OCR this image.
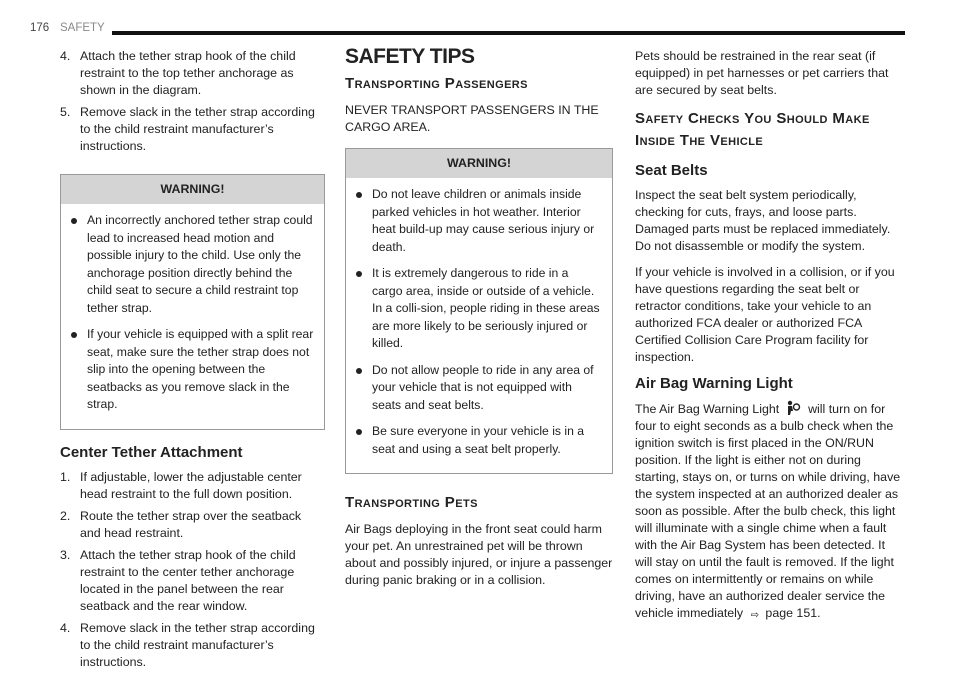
176 SAFETY
4. Attach the tether strap hook of the child restraint to the top tether anchorage as shown in the diagram.
5. Remove slack in the tether strap according to the child restraint manufacturer’s instructions.
WARNING!
An incorrectly anchored tether strap could lead to increased head motion and possible injury to the child. Use only the anchorage position directly behind the child seat to secure a child restraint top tether strap.
If your vehicle is equipped with a split rear seat, make sure the tether strap does not slip into the opening between the seatbacks as you remove slack in the strap.
Center Tether Attachment
1. If adjustable, lower the adjustable center head restraint to the full down position.
2. Route the tether strap over the seatback and head restraint.
3. Attach the tether strap hook of the child restraint to the center tether anchorage located in the panel between the rear seatback and the rear window.
4. Remove slack in the tether strap according to the child restraint manufacturer’s instructions.
SAFETY TIPS
Transporting Passengers

NEVER TRANSPORT PASSENGERS IN THE CARGO AREA.

WARNING!
Do not leave children or animals inside parked vehicles in hot weather. Interior heat build-up may cause serious injury or death.
It is extremely dangerous to ride in a cargo area, inside or outside of a vehicle. In a colli-sion, people riding in these areas are more likely to be seriously injured or killed.
Do not allow people to ride in any area of your vehicle that is not equipped with seats and seat belts.
Be sure everyone in your vehicle is in a seat and using a seat belt properly.
Transporting Pets

Air Bags deploying in the front seat could harm your pet. An unrestrained pet will be thrown about and possibly injured, or injure a passenger during panic braking or in a collision.

Pets should be restrained in the rear seat (if equipped) in pet harnesses or pet carriers that are secured by seat belts.

Safety Checks You Should Make Inside The Vehicle
Seat Belts

Inspect the seat belt system periodically, checking for cuts, frays, and loose parts. Damaged parts must be replaced immediately. Do not disassemble or modify the system.

If your vehicle is involved in a collision, or if you have questions regarding the seat belt or retractor conditions, take your vehicle to an authorized FCA dealer or authorized FCA Certified Collision Care Program facility for inspection.

Air Bag Warning Light

The Air Bag Warning Light will turn on for four to eight seconds as a bulb check when the ignition switch is first placed in the ON/RUN position. If the light is either not on during starting, stays on, or turns on while driving, have the system inspected at an authorized dealer as soon as possible. After the bulb check, this light will illuminate with a single chime when a fault with the Air Bag System has been detected. It will stay on until the fault is removed. If the light comes on intermittently or remains on while driving, have an authorized dealer service the vehicle immediately ⇨ page 151.
